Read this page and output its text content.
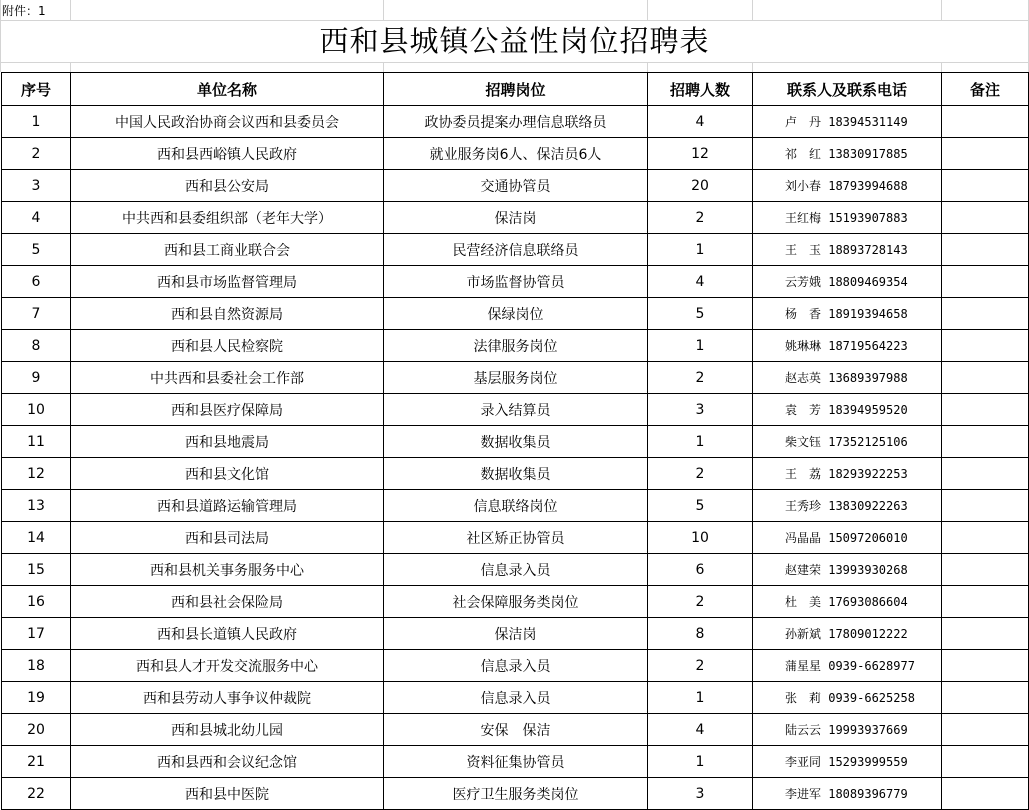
附件：1
西和县城镇公益性岗位招聘表
序号	单位名称	招聘岗位	招聘人数	联系人及联系电话	备注
1	中国人民政治协商会议西和县委员会	政协委员提案办理信息联络员	4	卢　丹 18394531149	
2	西和县西峪镇人民政府	就业服务岗6人、保洁员6人	12	祁　红 13830917885	
3	西和县公安局	交通协管员	20	刘小春 18793994688	
4	中共西和县委组织部（老年大学）	保洁岗	2	王红梅 15193907883	
5	西和县工商业联合会	民营经济信息联络员	1	王　玉 18893728143	
6	西和县市场监督管理局	市场监督协管员	4	云芳娥 18809469354	
7	西和县自然资源局	保绿岗位	5	杨　香 18919394658	
8	西和县人民检察院	法律服务岗位	1	姚琳琳 18719564223	
9	中共西和县委社会工作部	基层服务岗位	2	赵志英 13689397988	
10	西和县医疗保障局	录入结算员	3	袁　芳 18394959520	
11	西和县地震局	数据收集员	1	柴文钰 17352125106	
12	西和县文化馆	数据收集员	2	王　荔 18293922253	
13	西和县道路运输管理局	信息联络岗位	5	王秀珍 13830922263	
14	西和县司法局	社区矫正协管员	10	冯晶晶 15097206010	
15	西和县机关事务服务中心	信息录入员	6	赵建荣 13993930268	
16	西和县社会保险局	社会保障服务类岗位	2	杜　美 17693086604	
17	西和县长道镇人民政府	保洁岗	8	孙新斌 17809012222	
18	西和县人才开发交流服务中心	信息录入员	2	蒲星星 0939-6628977	
19	西和县劳动人事争议仲裁院	信息录入员	1	张　莉 0939-6625258	
20	西和县城北幼儿园	安保　保洁	4	陆云云 19993937669	
21	西和县西和会议纪念馆	资料征集协管员	1	李亚同 15293999559	
22	西和县中医院	医疗卫生服务类岗位	3	李进军 18089396779	
